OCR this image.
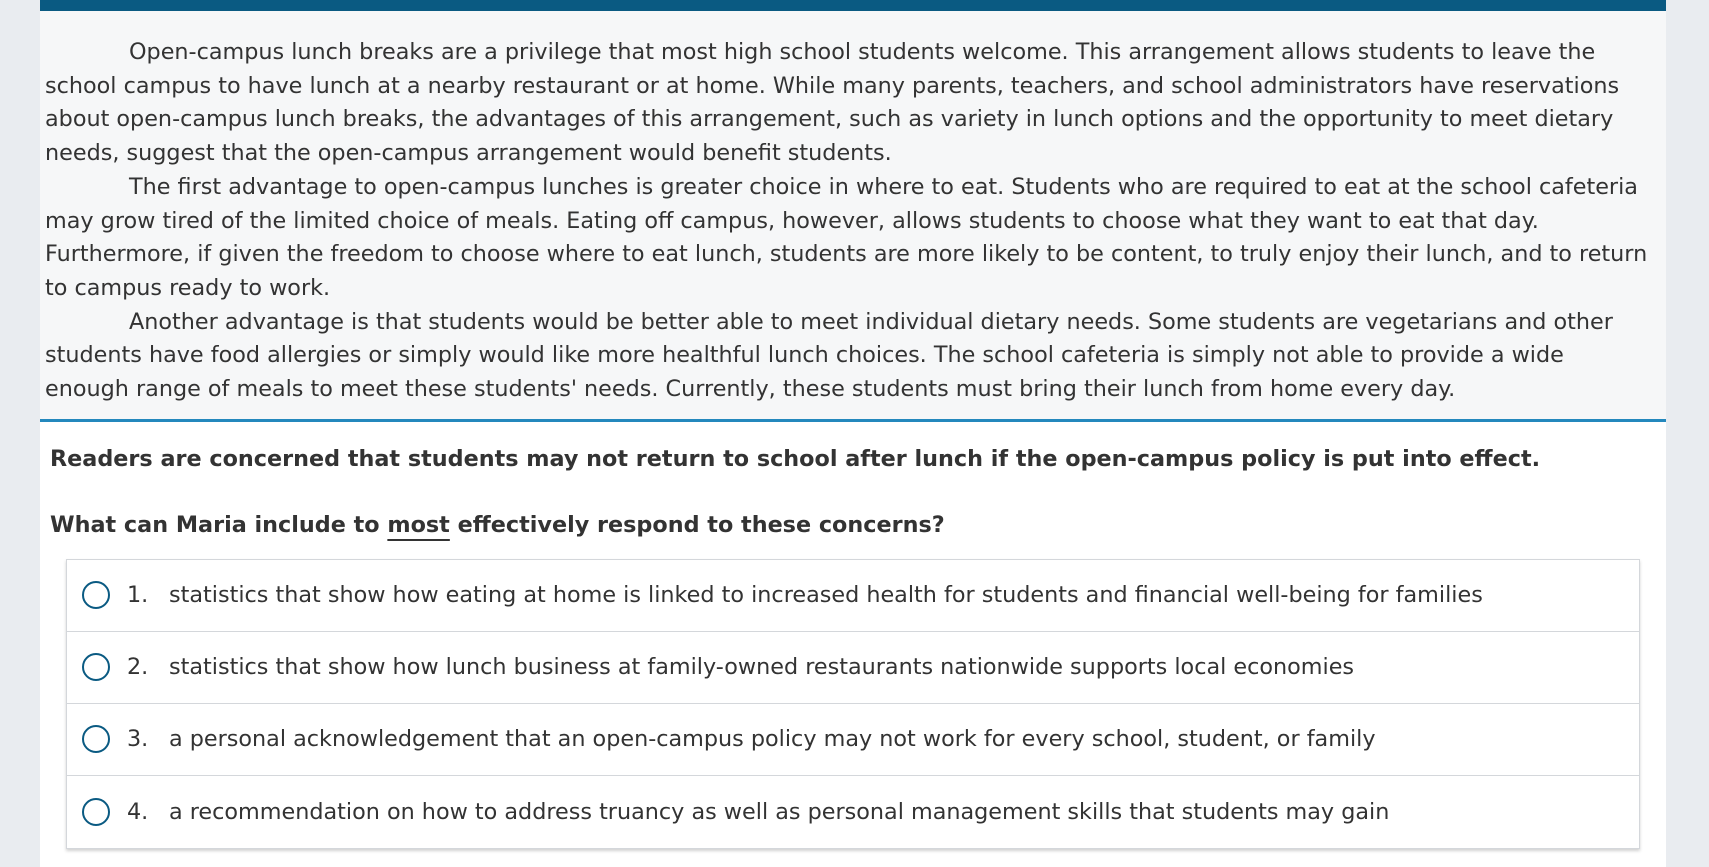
Open-campus lunch breaks are a privilege that most high school students welcome. This arrangement allows students to leave the school campus to have lunch at a nearby restaurant or at home. While many parents, teachers, and school administrators have reservations about open-campus lunch breaks, the advantages of this arrangement, such as variety in lunch options and the opportunity to meet dietary needs, suggest that the open-campus arrangement would benefit students.

The first advantage to open-campus lunches is greater choice in where to eat. Students who are required to eat at the school cafeteria may grow tired of the limited choice of meals. Eating off campus, however, allows students to choose what they want to eat that day. Furthermore, if given the freedom to choose where to eat lunch, students are more likely to be content, to truly enjoy their lunch, and to return to campus ready to work.

Another advantage is that students would be better able to meet individual dietary needs. Some students are vegetarians and other students have food allergies or simply would like more healthful lunch choices. The school cafeteria is simply not able to provide a wide enough range of meals to meet these students' needs. Currently, these students must bring their lunch from home every day.

Readers are concerned that students may not return to school after lunch if the open-campus policy is put into effect.

What can Maria include to most effectively respond to these concerns?

1. statistics that show how eating at home is linked to increased health for students and financial well-being for families
2. statistics that show how lunch business at family-owned restaurants nationwide supports local economies
3. a personal acknowledgement that an open-campus policy may not work for every school, student, or family
4. a recommendation on how to address truancy as well as personal management skills that students may gain
